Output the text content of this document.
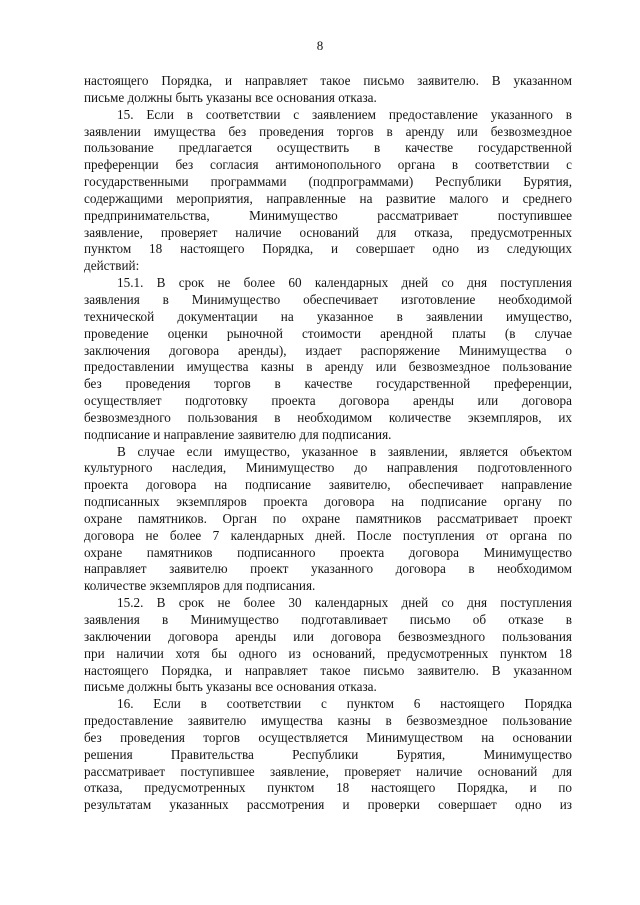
8
настоящего Порядка, и направляет такое письмо заявителю. В указанном
письме должны быть указаны все основания отказа.
15. Если в соответствии с заявлением предоставление указанного в
заявлении имущества без проведения торгов в аренду или безвозмездное
пользование предлагается осуществить в качестве государственной
преференции без согласия антимонопольного органа в соответствии с
государственными программами (подпрограммами) Республики Бурятия,
содержащими мероприятия, направленные на развитие малого и среднего
предпринимательства, Минимущество рассматривает поступившее
заявление, проверяет наличие оснований для отказа, предусмотренных
пунктом 18 настоящего Порядка, и совершает одно из следующих
действий:
15.1. В срок не более 60 календарных дней со дня поступления
заявления в Минимущество обеспечивает изготовление необходимой
технической документации на указанное в заявлении имущество,
проведение оценки рыночной стоимости арендной платы (в случае
заключения договора аренды), издает распоряжение Минимущества о
предоставлении имущества казны в аренду или безвозмездное пользование
без проведения торгов в качестве государственной преференции,
осуществляет подготовку проекта договора аренды или договора
безвозмездного пользования в необходимом количестве экземпляров, их
подписание и направление заявителю для подписания.
В случае если имущество, указанное в заявлении, является объектом
культурного наследия, Минимущество до направления подготовленного
проекта договора на подписание заявителю, обеспечивает направление
подписанных экземпляров проекта договора на подписание органу по
охране памятников. Орган по охране памятников рассматривает проект
договора не более 7 календарных дней. После поступления от органа по
охране памятников подписанного проекта договора Минимущество
направляет заявителю проект указанного договора в необходимом
количестве экземпляров для подписания.
15.2. В срок не более 30 календарных дней со дня поступления
заявления в Минимущество подготавливает письмо об отказе в
заключении договора аренды или договора безвозмездного пользования
при наличии хотя бы одного из оснований, предусмотренных пунктом 18
настоящего Порядка, и направляет такое письмо заявителю. В указанном
письме должны быть указаны все основания отказа.
16. Если в соответствии с пунктом 6 настоящего Порядка
предоставление заявителю имущества казны в безвозмездное пользование
без проведения торгов осуществляется Минимуществом на основании
решения Правительства Республики Бурятия, Минимущество
рассматривает поступившее заявление, проверяет наличие оснований для
отказа, предусмотренных пунктом 18 настоящего Порядка, и по
результатам указанных рассмотрения и проверки совершает одно из
